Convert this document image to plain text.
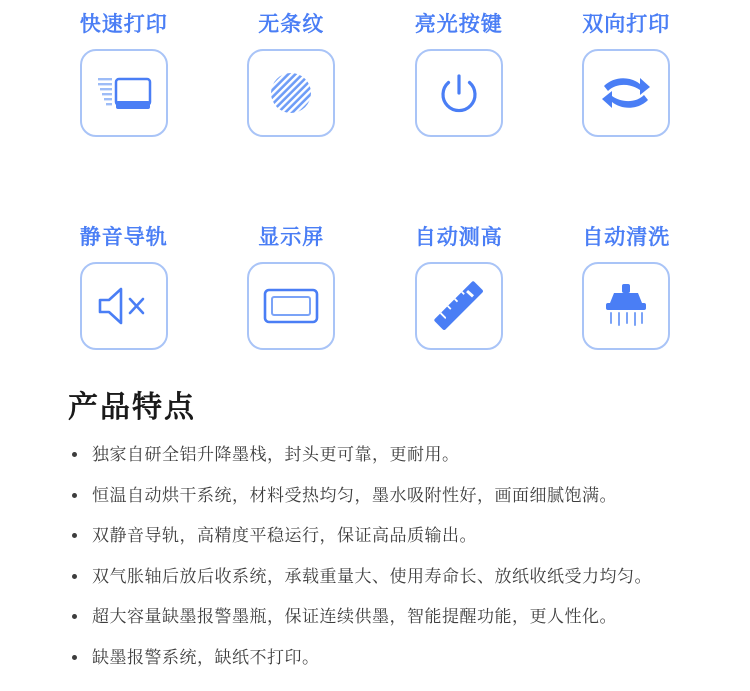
快速打印	无条纹	亮光按键	双向打印
静音导轨	显示屏	自动测高	自动清洗
产品特点
独家自研全铝升降墨栈，封头更可靠，更耐用。
恒温自动烘干系统，材料受热均匀，墨水吸附性好，画面细腻饱满。
双静音导轨，高精度平稳运行，保证高品质输出。
双气胀轴后放后收系统，承载重量大、使用寿命长、放纸收纸受力均匀。
超大容量缺墨报警墨瓶，保证连续供墨，智能提醒功能，更人性化。
缺墨报警系统，缺纸不打印。
